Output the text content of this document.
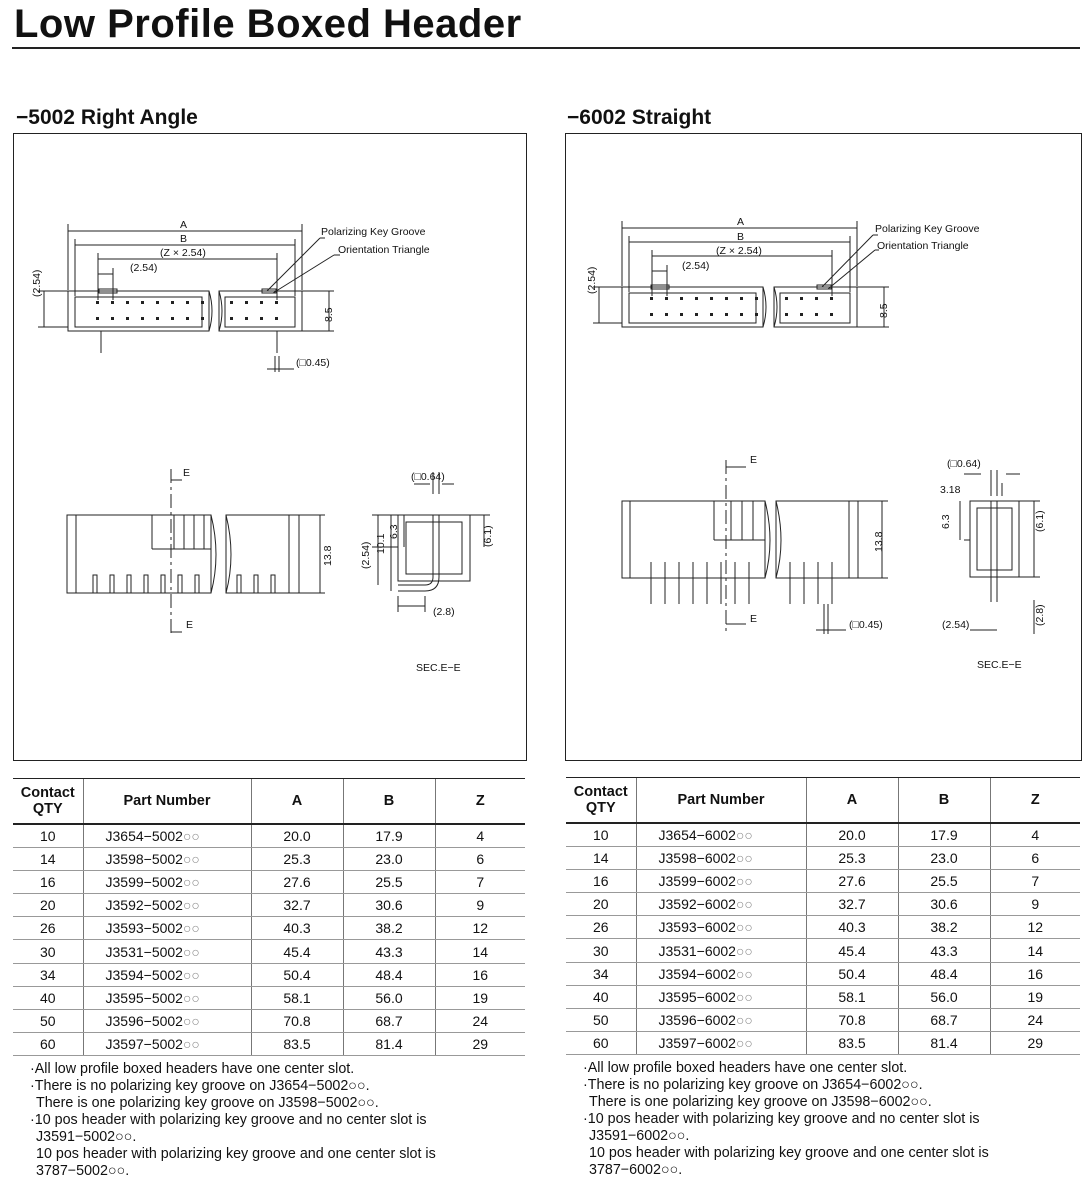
Low Profile Boxed Header
−5002 Right Angle
A
B
(Z × 2.54)
(2.54)
Polarizing Key Groove
Orientation Triangle
(□0.45)
(□0.64)
SEC.E−E
E
E
(2.8)
(2.54)
8.5
13.8 (2.54) 10.1
6.3	(6.1)
Contact QTY	Part Number	A	B	Z
10	J3654−5002○○	20.0	17.9	4
14	J3598−5002○○	25.3	23.0	6
16	J3599−5002○○	27.6	25.5	7
20	J3592−5002○○	32.7	30.6	9
26	J3593−5002○○	40.3	38.2	12
30	J3531−5002○○	45.4	43.3	14
34	J3594−5002○○	50.4	48.4	16
40	J3595−5002○○	58.1	56.0	19
50	J3596−5002○○	70.8	68.7	24
60	J3597−5002○○	83.5	81.4	29
·All low profile boxed headers have one center slot.
·There is no polarizing key groove on J3654−5002○○.
There is one polarizing key groove on J3598−5002○○.
·10 pos header with polarizing key groove and no center slot is
J3591−5002○○.
10 pos header with polarizing key groove and one center slot is
3787−5002○○.
−6002 Straight
A
B
(Z × 2.54)
(2.54)
Polarizing Key Groove
Orientation Triangle
(□0.64)
3.18
(□0.45)	(2.54)
SEC.E−E
E
E
(2.54)
8.5
13.8
6.3	(6.1)
(2.8)
Contact QTY	Part Number	A	B	Z
10	J3654−6002○○	20.0	17.9	4
14	J3598−6002○○	25.3	23.0	6
16	J3599−6002○○	27.6	25.5	7
20	J3592−6002○○	32.7	30.6	9
26	J3593−6002○○	40.3	38.2	12
30	J3531−6002○○	45.4	43.3	14
34	J3594−6002○○	50.4	48.4	16
40	J3595−6002○○	58.1	56.0	19
50	J3596−6002○○	70.8	68.7	24
60	J3597−6002○○	83.5	81.4	29
·All low profile boxed headers have one center slot.
·There is no polarizing key groove on J3654−6002○○.
There is one polarizing key groove on J3598−6002○○.
·10 pos header with polarizing key groove and no center slot is
J3591−6002○○.
10 pos header with polarizing key groove and one center slot is
3787−6002○○.
